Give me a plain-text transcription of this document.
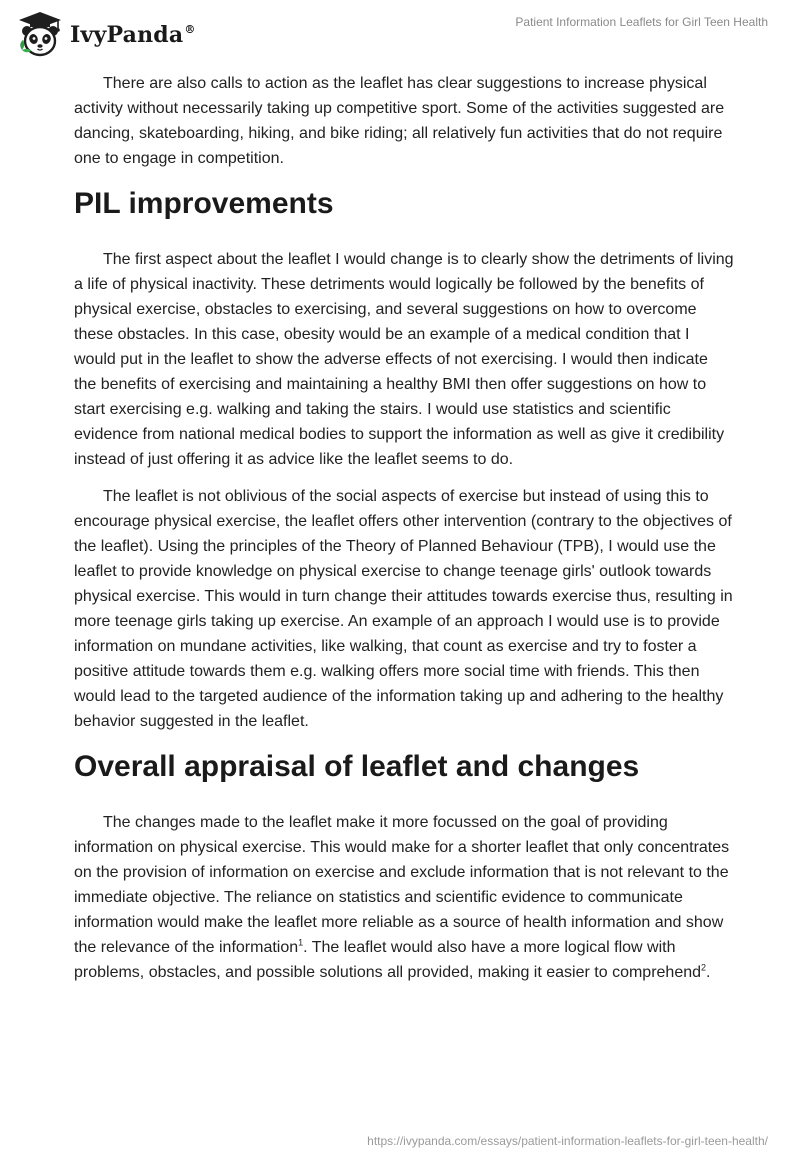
IvyPanda®
Patient Information Leaflets for Girl Teen Health

There are also calls to action as the leaflet has clear suggestions to increase physical activity without necessarily taking up competitive sport. Some of the activities suggested are dancing, skateboarding, hiking, and bike riding; all relatively fun activities that do not require one to engage in competition.

PIL improvements

The first aspect about the leaflet I would change is to clearly show the detriments of living a life of physical inactivity. These detriments would logically be followed by the benefits of physical exercise, obstacles to exercising, and several suggestions on how to overcome these obstacles. In this case, obesity would be an example of a medical condition that I would put in the leaflet to show the adverse effects of not exercising. I would then indicate the benefits of exercising and maintaining a healthy BMI then offer suggestions on how to start exercising e.g. walking and taking the stairs. I would use statistics and scientific evidence from national medical bodies to support the information as well as give it credibility instead of just offering it as advice like the leaflet seems to do.

The leaflet is not oblivious of the social aspects of exercise but instead of using this to encourage physical exercise, the leaflet offers other intervention (contrary to the objectives of the leaflet). Using the principles of the Theory of Planned Behaviour (TPB), I would use the leaflet to provide knowledge on physical exercise to change teenage girls' outlook towards physical exercise. This would in turn change their attitudes towards exercise thus, resulting in more teenage girls taking up exercise. An example of an approach I would use is to provide information on mundane activities, like walking, that count as exercise and try to foster a positive attitude towards them e.g. walking offers more social time with friends. This then would lead to the targeted audience of the information taking up and adhering to the healthy behavior suggested in the leaflet.

Overall appraisal of leaflet and changes

The changes made to the leaflet make it more focussed on the goal of providing information on physical exercise. This would make for a shorter leaflet that only concentrates on the provision of information on exercise and exclude information that is not relevant to the immediate objective. The reliance on statistics and scientific evidence to communicate information would make the leaflet more reliable as a source of health information and show the relevance of the information$^1$. The leaflet would also have a more logical flow with problems, obstacles, and possible solutions all provided, making it easier to comprehend$^2$.

https://ivypanda.com/essays/patient-information-leaflets-for-girl-teen-health/
